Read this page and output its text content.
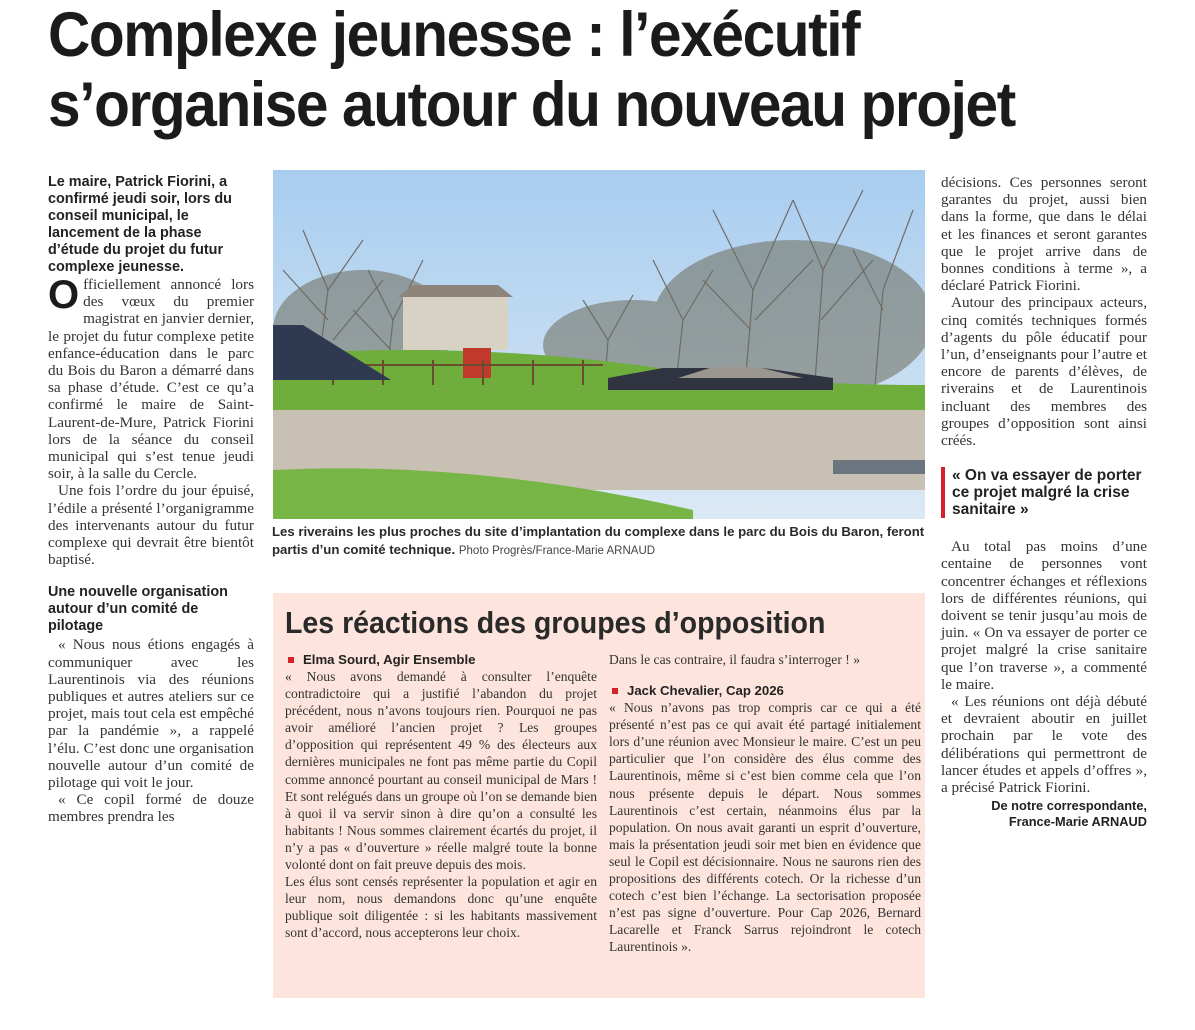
Complexe jeunesse : l’exécutif
s’organise autour du nouveau projet

Le maire, Patrick Fiorini, a confirmé jeudi soir, lors du conseil municipal, le lancement de la phase d’étude du projet du futur complexe jeunesse.

Officiellement annoncé lors des vœux du premier magistrat en janvier dernier, le projet du futur complexe petite enfance-éducation dans le parc du Bois du Baron a démarré dans sa phase d’étude. C’est ce qu’a confirmé le maire de Saint-Laurent-de-Mure, Patrick Fiorini lors de la séance du conseil municipal qui s’est tenue jeudi soir, à la salle du Cercle.

Une fois l’ordre du jour épuisé, l’édile a présenté l’organigramme des intervenants autour du futur complexe qui devrait être bientôt baptisé.

Une nouvelle organisation autour d’un comité de pilotage

« Nous nous étions engagés à communiquer avec les Laurentinois via des réunions publiques et autres ateliers sur ce projet, mais tout cela est empêché par la pandémie », a rappelé l’élu. C’est donc une organisation nouvelle autour d’un comité de pilotage qui voit le jour.

« Ce copil formé de douze membres prendra les

Les riverains les plus proches du site d’implantation du complexe dans le parc du Bois du Baron, feront partis d’un comité technique. Photo Progrès/France-Marie ARNAUD
Les réactions des groupes d’opposition
Elma Sourd, Agir Ensemble

« Nous avons demandé à consulter l’enquête contradictoire qui a justifié l’abandon du projet précédent, nous n’avons toujours rien. Pourquoi ne pas avoir amélioré l’ancien projet ? Les groupes d’opposition qui représentent 49 % des électeurs aux dernières municipales ne font pas même partie du Copil comme annoncé pourtant au conseil municipal de Mars ! Et sont relégués dans un groupe où l’on se demande bien à quoi il va servir sinon à dire qu’on a consulté les habitants ! Nous sommes clairement écartés du projet, il n’y a pas « d’ouverture » réelle malgré toute la bonne volonté dont on fait preuve depuis des mois.

Les élus sont censés représenter la population et agir en leur nom, nous demandons donc qu’une enquête publique soit diligentée : si les habitants massivement sont d’accord, nous accepterons leur choix.

Dans le cas contraire, il faudra s’interroger ! »

Jack Chevalier, Cap 2026

« Nous n’avons pas trop compris car ce qui a été présenté n’est pas ce qui avait été partagé initialement lors d’une réunion avec Monsieur le maire. C’est un peu particulier que l’on considère des élus comme des Laurentinois, même si c’est bien comme cela que l’on nous présente depuis le départ. Nous sommes Laurentinois c’est certain, néanmoins élus par la population. On nous avait garanti un esprit d’ouverture, mais la présentation jeudi soir met bien en évidence que seul le Copil est décisionnaire. Nous ne saurons rien des propositions des différents cotech. Or la richesse d’un cotech c’est bien l’échange. La sectorisation proposée n’est pas signe d’ouverture. Pour Cap 2026, Bernard Lacarelle et Franck Sarrus rejoindront le cotech Laurentinois ».

décisions. Ces personnes seront garantes du projet, aussi bien dans la forme, que dans le délai et les finances et seront garantes que le projet arrive dans de bonnes conditions à terme », a déclaré Patrick Fiorini.

Autour des principaux acteurs, cinq comités techniques formés d’agents du pôle éducatif pour l’un, d’enseignants pour l’autre et encore de parents d’élèves, de riverains et de Laurentinois incluant des membres des groupes d’opposition sont ainsi créés.

« On va essayer de porter ce projet malgré la crise sanitaire »

Au total pas moins d’une centaine de personnes vont concentrer échanges et réflexions lors de différentes réunions, qui doivent se tenir jusqu’au mois de juin. « On va essayer de porter ce projet malgré la crise sanitaire que l’on traverse », a commenté le maire.

« Les réunions ont déjà débuté et devraient aboutir en juillet prochain par le vote des délibérations qui permettront de lancer études et appels d’offres », a précisé Patrick Fiorini.

De notre correspondante,
France-Marie ARNAUD
